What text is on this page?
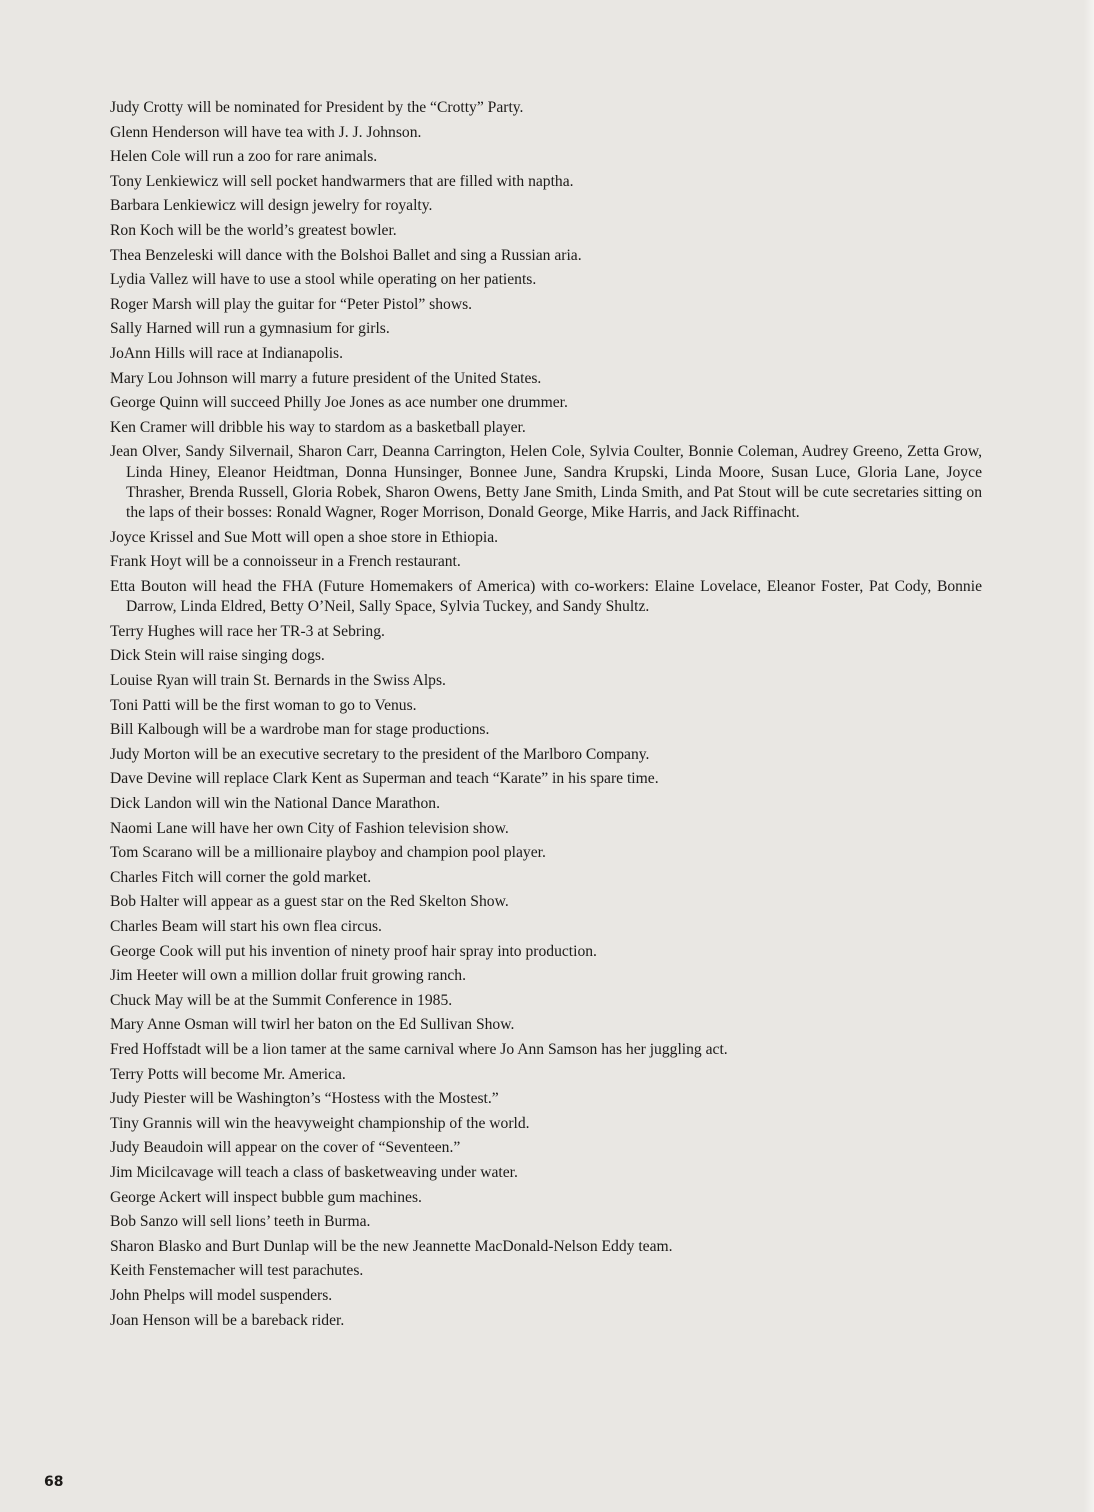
Judy Crotty will be nominated for President by the “Crotty” Party.
Glenn Henderson will have tea with J. J. Johnson.
Helen Cole will run a zoo for rare animals.
Tony Lenkiewicz will sell pocket handwarmers that are filled with naptha.
Barbara Lenkiewicz will design jewelry for royalty.
Ron Koch will be the world’s greatest bowler.
Thea Benzeleski will dance with the Bolshoi Ballet and sing a Russian aria.
Lydia Vallez will have to use a stool while operating on her patients.
Roger Marsh will play the guitar for “Peter Pistol” shows.
Sally Harned will run a gymnasium for girls.
JoAnn Hills will race at Indianapolis.
Mary Lou Johnson will marry a future president of the United States.
George Quinn will succeed Philly Joe Jones as ace number one drummer.
Ken Cramer will dribble his way to stardom as a basketball player.
Jean Olver, Sandy Silvernail, Sharon Carr, Deanna Carrington, Helen Cole, Sylvia Coulter, Bonnie Coleman, Audrey Greeno, Zetta Grow, Linda Hiney, Eleanor Heidtman, Donna Hunsinger, Bonnee June, Sandra Krupski, Linda Moore, Susan Luce, Gloria Lane, Joyce Thrasher, Brenda Russell, Gloria Robek, Sharon Owens, Betty Jane Smith, Linda Smith, and Pat Stout will be cute secretaries sitting on the laps of their bosses: Ronald Wagner, Roger Morrison, Donald George, Mike Harris, and Jack Riffinacht.
Joyce Krissel and Sue Mott will open a shoe store in Ethiopia.
Frank Hoyt will be a connoisseur in a French restaurant.
Etta Bouton will head the FHA (Future Homemakers of America) with co-workers: Elaine Lovelace, Eleanor Foster, Pat Cody, Bonnie Darrow, Linda Eldred, Betty O’Neil, Sally Space, Sylvia Tuckey, and Sandy Shultz.
Terry Hughes will race her TR-3 at Sebring.
Dick Stein will raise singing dogs.
Louise Ryan will train St. Bernards in the Swiss Alps.
Toni Patti will be the first woman to go to Venus.
Bill Kalbough will be a wardrobe man for stage productions.
Judy Morton will be an executive secretary to the president of the Marlboro Company.
Dave Devine will replace Clark Kent as Superman and teach “Karate” in his spare time.
Dick Landon will win the National Dance Marathon.
Naomi Lane will have her own City of Fashion television show.
Tom Scarano will be a millionaire playboy and champion pool player.
Charles Fitch will corner the gold market.
Bob Halter will appear as a guest star on the Red Skelton Show.
Charles Beam will start his own flea circus.
George Cook will put his invention of ninety proof hair spray into production.
Jim Heeter will own a million dollar fruit growing ranch.
Chuck May will be at the Summit Conference in 1985.
Mary Anne Osman will twirl her baton on the Ed Sullivan Show.
Fred Hoffstadt will be a lion tamer at the same carnival where Jo Ann Samson has her juggling act.
Terry Potts will become Mr. America.
Judy Piester will be Washington’s “Hostess with the Mostest.”
Tiny Grannis will win the heavyweight championship of the world.
Judy Beaudoin will appear on the cover of “Seventeen.”
Jim Micilcavage will teach a class of basketweaving under water.
George Ackert will inspect bubble gum machines.
Bob Sanzo will sell lions’ teeth in Burma.
Sharon Blasko and Burt Dunlap will be the new Jeannette MacDonald-Nelson Eddy team.
Keith Fenstemacher will test parachutes.
John Phelps will model suspenders.
Joan Henson will be a bareback rider.
68
